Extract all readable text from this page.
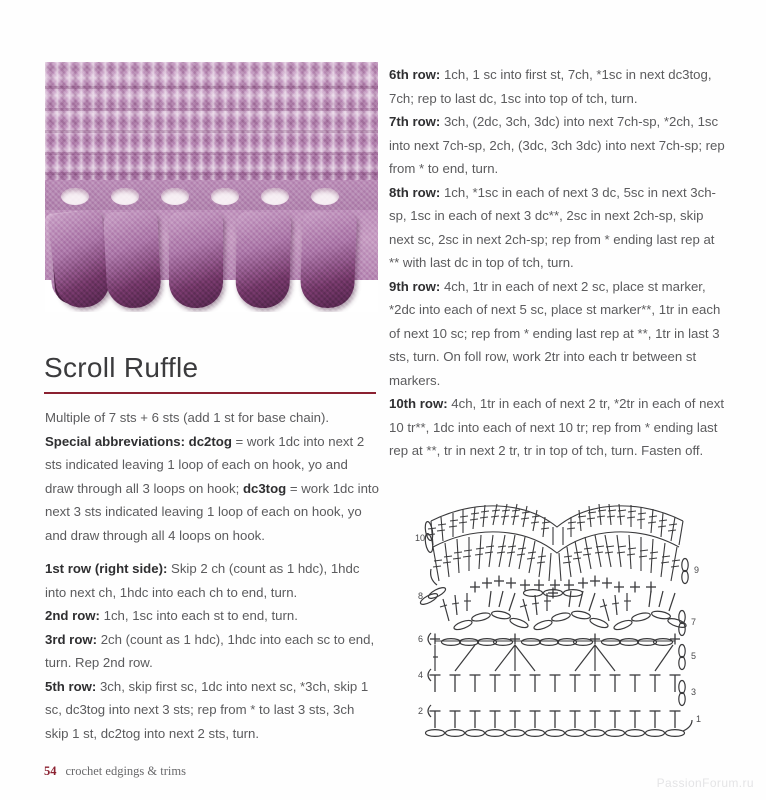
Scroll Ruffle
Multiple of 7 sts + 6 sts (add 1 st for base chain).
Special abbreviations: dc2tog = work 1dc into next 2 sts indicated leaving 1 loop of each on hook, yo and draw through all 3 loops on hook; dc3tog = work 1dc into next 3 sts indicated leaving 1 loop of each on hook, yo and draw through all 4 loops on hook.
1st row (right side): Skip 2 ch (count as 1 hdc), 1hdc into next ch, 1hdc into each ch to end, turn.
2nd row: 1ch, 1sc into each st to end, turn.
3rd row: 2ch (count as 1 hdc), 1hdc into each sc to end, turn. Rep 2nd row.
5th row: 3ch, skip first sc, 1dc into next sc, *3ch, skip 1 sc, dc3tog into next 3 sts; rep from * to last 3 sts, 3ch skip 1 st, dc2tog into next 2 sts, turn.
6th row: 1ch, 1 sc into first st, 7ch, *1sc in next dc3tog, 7ch; rep to last dc, 1sc into top of tch, turn.
7th row: 3ch, (2dc, 3ch, 3dc) into next 7ch-sp, *2ch, 1sc into next 7ch-sp, 2ch, (3dc, 3ch 3dc) into next 7ch-sp; rep from * to end, turn.
8th row: 1ch, *1sc in each of next 3 dc, 5sc in next 3ch-sp, 1sc in each of next 3 dc**, 2sc in next 2ch-sp, skip next sc, 2sc in next 2ch-sp; rep from * ending last rep at ** with last dc in top of tch, turn.
9th row: 4ch, 1tr in each of next 2 sc, place st marker, *2dc into each of next 5 sc, place st marker**, 1tr in each of next 10 sc; rep from * ending last rep at **, 1tr in last 3 sts, turn. On foll row, work 2tr into each tr between st markers.
10th row: 4ch, 1tr in each of next 2 tr, *2tr in each of next 10 tr**, 1dc into each of next 10 tr; rep from * ending last rep at **, tr in next 2 tr, tr in top of tch, turn. Fasten off.
1
2
3
4
5
6
7
8
9
10
54 crochet edgings & trims
PassionForum.ru
